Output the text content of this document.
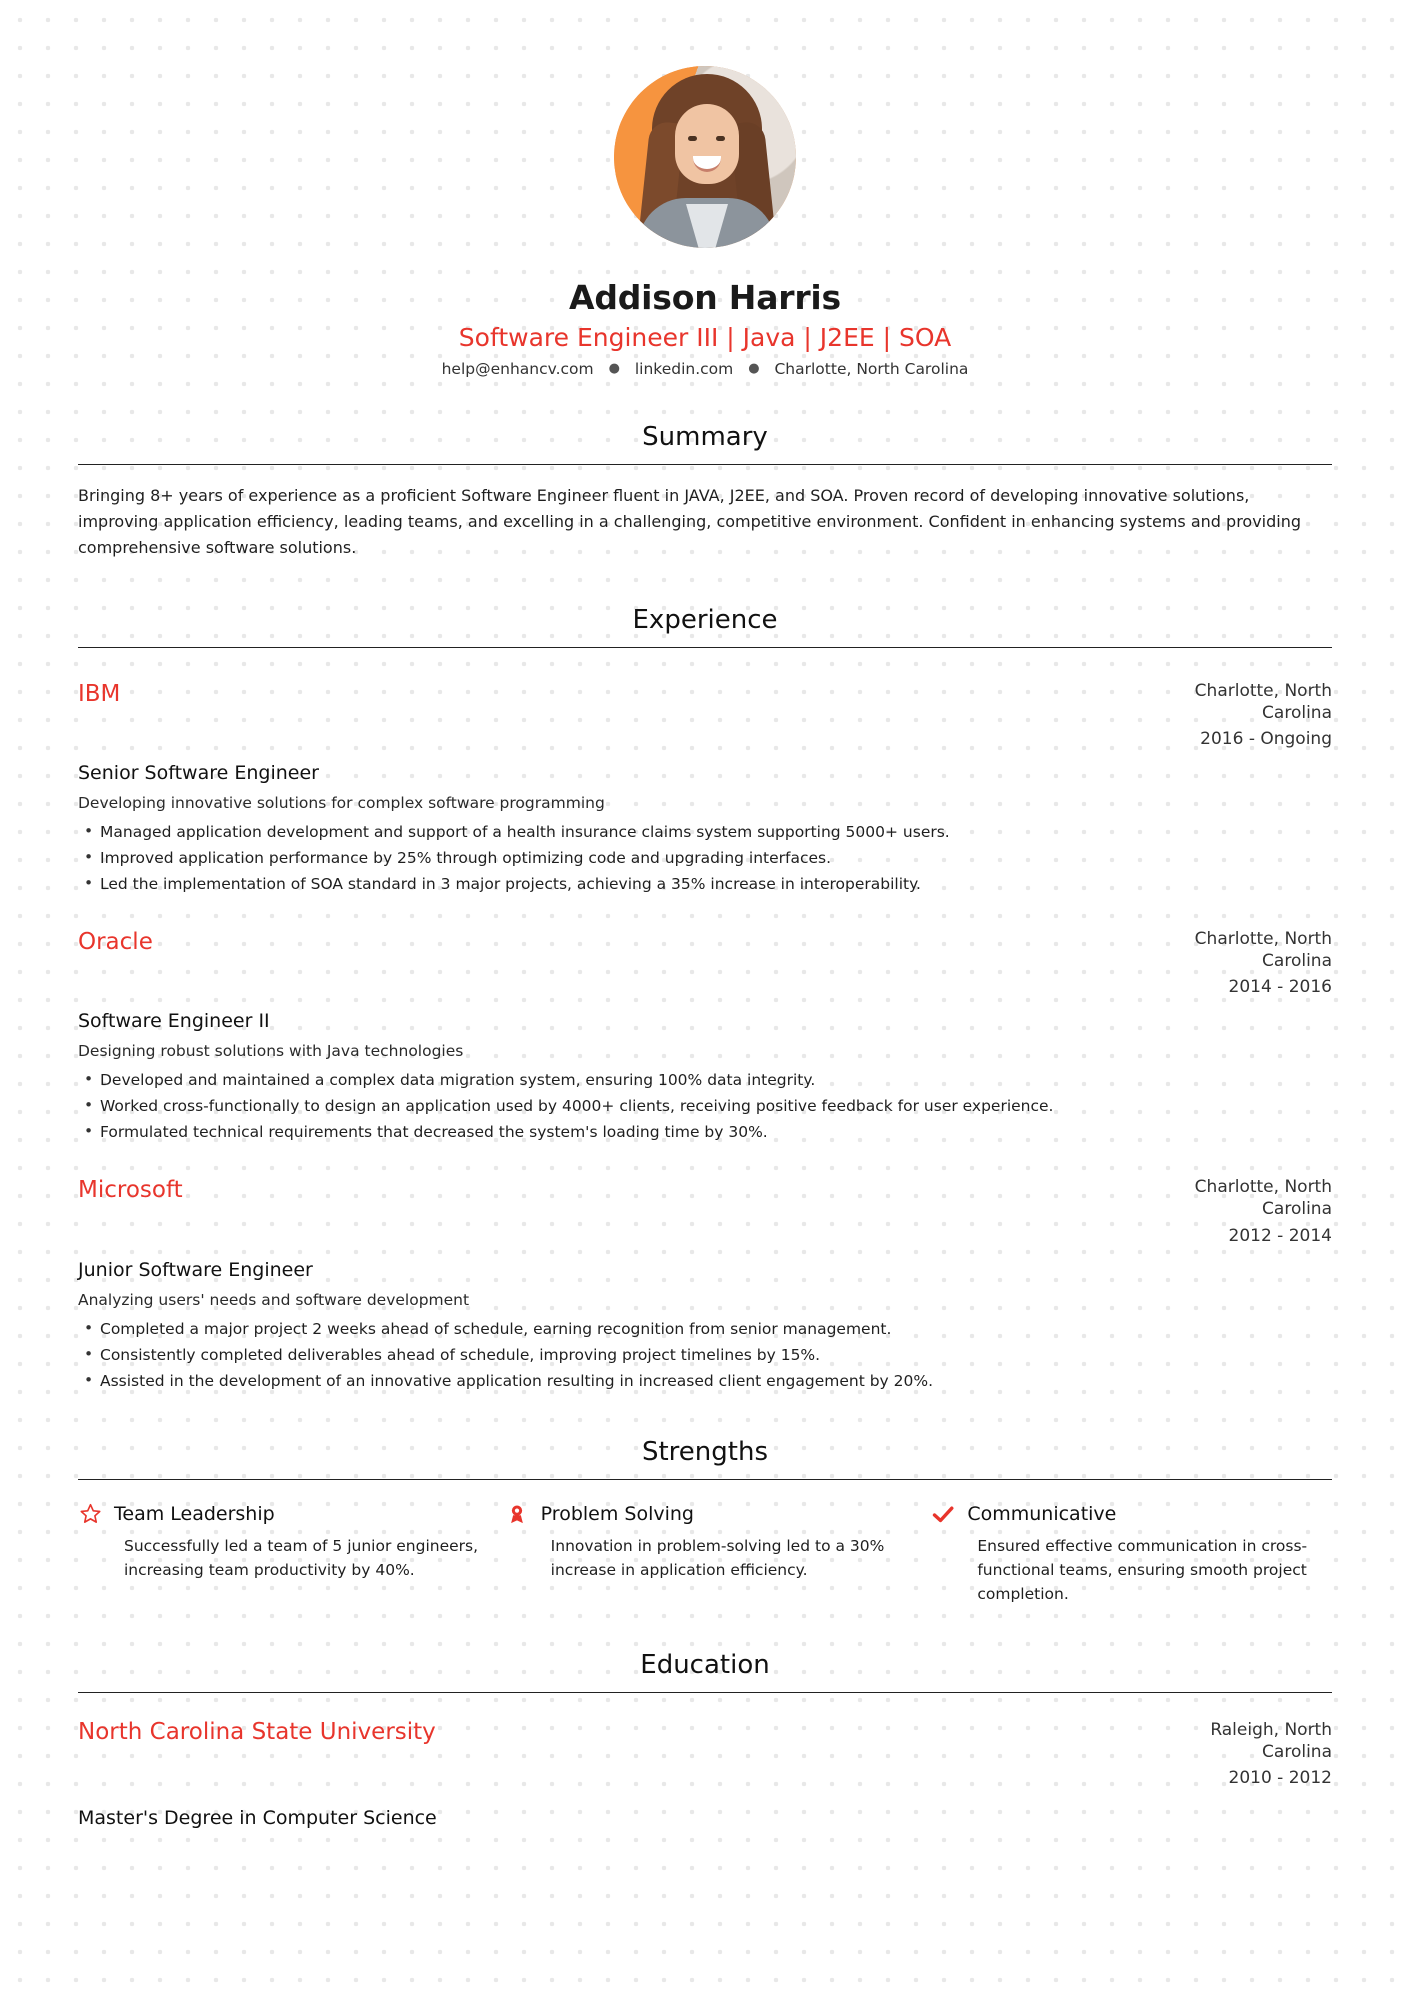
Addison Harris
Software Engineer III | Java | J2EE | SOA
help@enhancv.com ● linkedin.com ● Charlotte, North Carolina
Summary
Bringing 8+ years of experience as a proficient Software Engineer fluent in JAVA, J2EE, and SOA. Proven record of developing innovative solutions, improving application efficiency, leading teams, and excelling in a challenging, competitive environment. Confident in enhancing systems and providing comprehensive software solutions.
Experience
IBM	Charlotte, North Carolina
2016 - Ongoing
Senior Software Engineer
Developing innovative solutions for complex software programming
• Managed application development and support of a health insurance claims system supporting 5000+ users.
• Improved application performance by 25% through optimizing code and upgrading interfaces.
• Led the implementation of SOA standard in 3 major projects, achieving a 35% increase in interoperability.
Oracle	Charlotte, North Carolina
2014 - 2016
Software Engineer II
Designing robust solutions with Java technologies
• Developed and maintained a complex data migration system, ensuring 100% data integrity.
• Worked cross-functionally to design an application used by 4000+ clients, receiving positive feedback for user experience.
• Formulated technical requirements that decreased the system's loading time by 30%.
Microsoft	Charlotte, North Carolina
2012 - 2014
Junior Software Engineer
Analyzing users' needs and software development
• Completed a major project 2 weeks ahead of schedule, earning recognition from senior management.
• Consistently completed deliverables ahead of schedule, improving project timelines by 15%.
• Assisted in the development of an innovative application resulting in increased client engagement by 20%.
Strengths
Team Leadership
Successfully led a team of 5 junior engineers, increasing team productivity by 40%.
Problem Solving
Innovation in problem-solving led to a 30% increase in application efficiency.
Communicative
Ensured effective communication in cross-functional teams, ensuring smooth project completion.
Education
North Carolina State University	Raleigh, North Carolina
2010 - 2012
Master's Degree in Computer Science
